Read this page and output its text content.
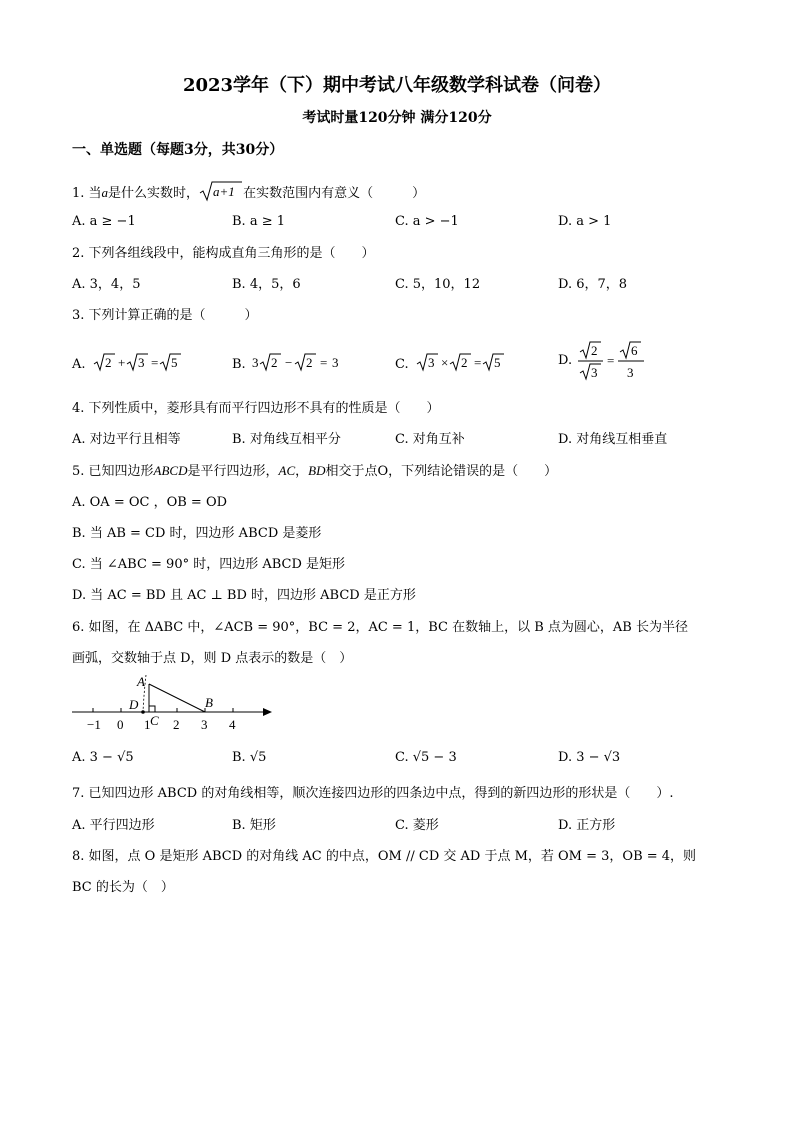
2023学年（下）期中考试八年级数学科试卷（问卷）
考试时量120分钟 满分120分
一、单选题（每题3分，共30分）
1. 当a是什么实数时， a+1 在实数范围内有意义（　　　）
A. a ≥ −1	B. a ≥ 1	C. a > −1	D. a > 1
2. 下列各组线段中，能构成直角三角形的是（　　）
A. 3，4，5	B. 4，5，6	C. 5，10，12	D. 6，7，8
3. 下列计算正确的是（　　　）
A. 2 + 3 = 5	B. 3 2 − 2 = 3	C. 3 × 2 = 5	D.
2
3
=
6
3
4. 下列性质中，菱形具有而平行四边形不具有的性质是（　　）
A. 对边平行且相等	B. 对角线互相平分	C. 对角互补	D. 对角线互相垂直
5. 已知四边形ABCD是平行四边形，AC，BD相交于点O，下列结论错误的是（　　）
A. OA = OC ，OB = OD
B. 当 AB = CD 时，四边形 ABCD 是菱形
C. 当 ∠ABC = 90° 时，四边形 ABCD 是矩形
D. 当 AC = BD 且 AC ⊥ BD 时，四边形 ABCD 是正方形
6. 如图，在 ΔABC 中，∠ACB = 90°，BC = 2，AC = 1，BC 在数轴上，以 B 点为圆心，AB 长为半径
画弧，交数轴于点 D，则 D 点表示的数是（　）
A
B
C
D
−1 0 1 2 3 4
A. 3 − √5	B. √5	C. √5 − 3	D. 3 − √3
7. 已知四边形 ABCD 的对角线相等，顺次连接四边形的四条边中点，得到的新四边形的形状是（　　）.
A. 平行四边形	B. 矩形	C. 菱形	D. 正方形
8. 如图，点 O 是矩形 ABCD 的对角线 AC 的中点，OM // CD 交 AD 于点 M，若 OM = 3，OB = 4，则
BC 的长为（　）
